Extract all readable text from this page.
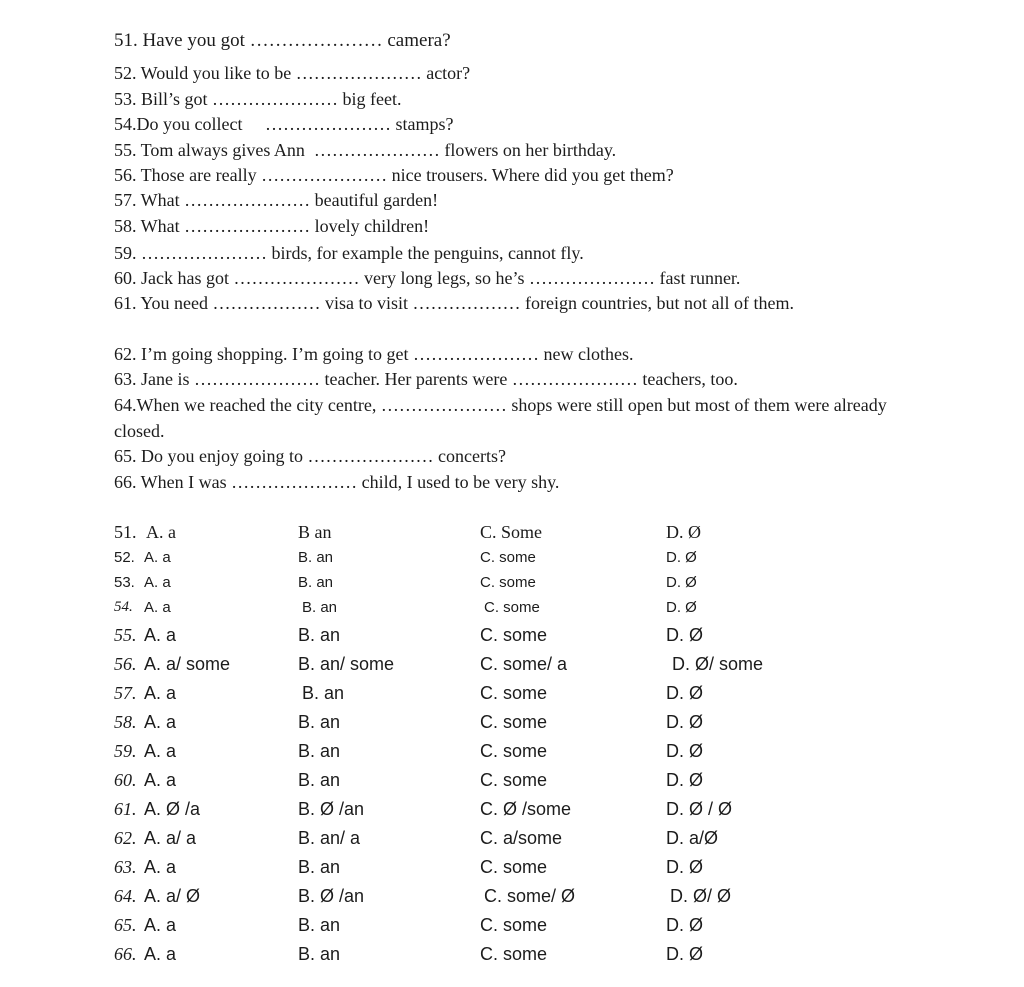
51. Have you got ………………… camera?
52. Would you like to be ………………… actor?
53. Bill’s got ………………… big feet.
54.Do you collect     ………………… stamps?
55. Tom always gives Ann  ………………… flowers on her birthday.
56. Those are really ………………… nice trousers. Where did you get them?
57. What ………………… beautiful garden!
58. What ………………… lovely children!
59. ………………… birds, for example the penguins, cannot fly.
60. Jack has got ………………… very long legs, so he’s ………………… fast runner.
61. You need ……………… visa to visit ……………… foreign countries, but not all of them.
62. I’m going shopping. I’m going to get ………………… new clothes.
63. Jane is ………………… teacher. Her parents were ………………… teachers, too.
64.When we reached the city centre, ………………… shops were still open but most of them were already closed.
65. Do you enjoy going to ………………… concerts?
66. When I was ………………… child, I used to be very shy.
51. A. a	B an	C. Some	D. Ø
52. A. a	B. an	C. some	D. Ø
53. A. a	B. an	C. some	D. Ø
54. A. a	B. an	C. some	D. Ø
55. A. a	B. an	C. some	D. Ø
56. A. a/ some	B. an/ some	C. some/ a	D. Ø/ some
57. A. a	B. an	C. some	D. Ø
58. A. a	B. an	C. some	D. Ø
59. A. a	B. an	C. some	D. Ø
60. A. a	B. an	C. some	D. Ø
61. A. Ø /a	B. Ø /an	C. Ø /some	D. Ø / Ø
62. A. a/ a	B. an/ a	C. a/some	D. a/Ø
63. A. a	B. an	C. some	D. Ø
64. A. a/ Ø	B. Ø /an	C. some/ Ø	D. Ø/ Ø
65. A. a	B. an	C. some	D. Ø
66. A. a	B. an	C. some	D. Ø
